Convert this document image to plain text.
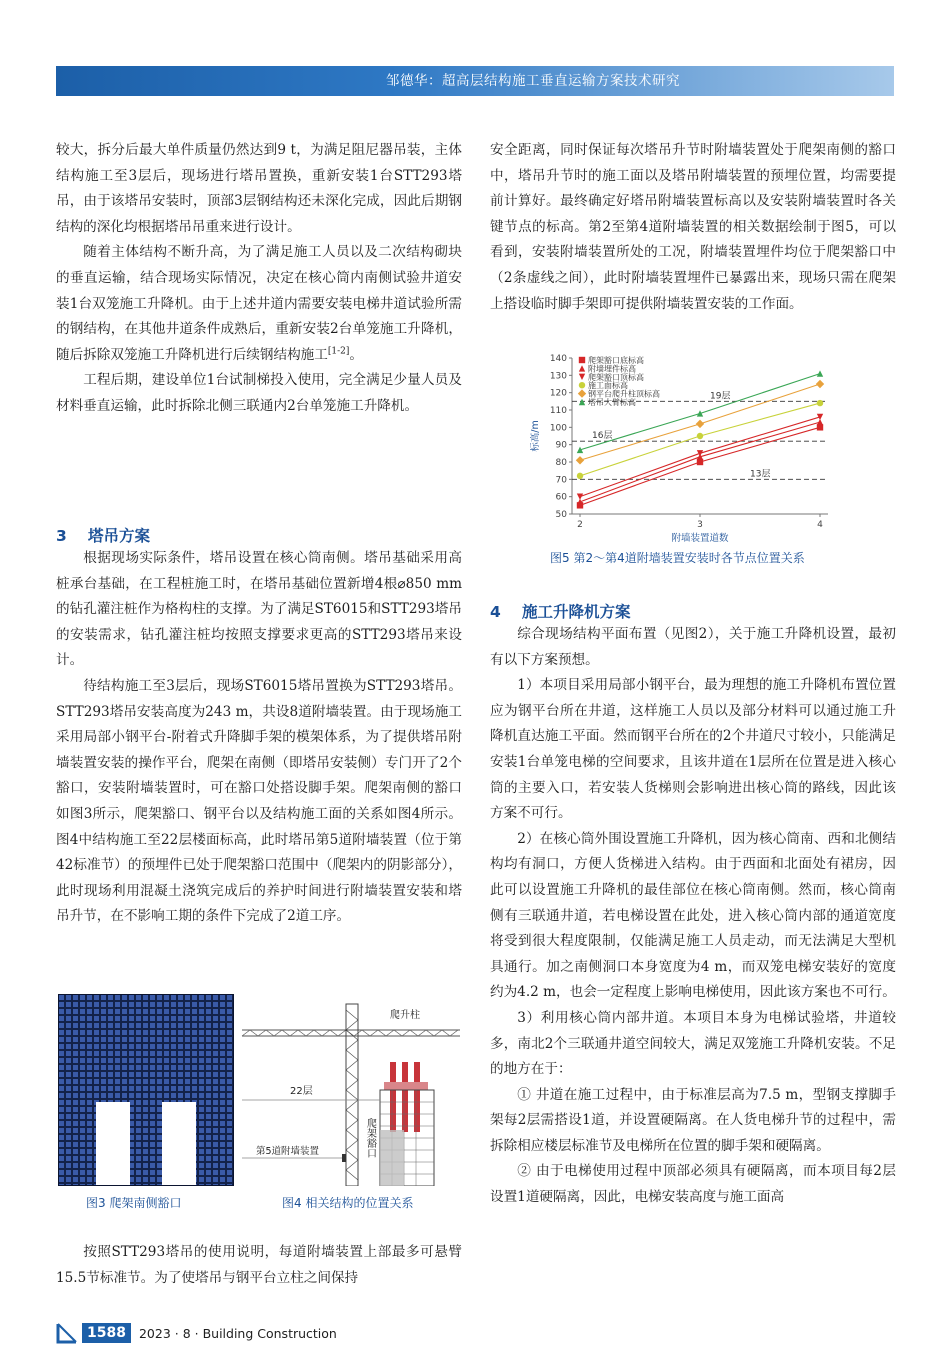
邹德华：超高层结构施工垂直运输方案技术研究

较大，拆分后最大单件质量仍然达到9 t，为满足阻尼器吊装，主体结构施工至3层后，现场进行塔吊置换，重新安装1台STT293塔吊，由于该塔吊安装时，顶部3层钢结构还未深化完成，因此后期钢结构的深化均根据塔吊吊重来进行设计。

随着主体结构不断升高，为了满足施工人员以及二次结构砌块的垂直运输，结合现场实际情况，决定在核心筒内南侧试验井道安装1台双笼施工升降机。由于上述井道内需要安装电梯井道试验所需的钢结构，在其他井道条件成熟后，重新安装2台单笼施工升降机，随后拆除双笼施工升降机进行后续钢结构施工[1-2]。

工程后期，建设单位1台试制梯投入使用，完全满足少量人员及材料垂直运输，此时拆除北侧三联通内2台单笼施工升降机。

3 塔吊方案

根据现场实际条件，塔吊设置在核心筒南侧。塔吊基础采用高桩承台基础，在工程桩施工时，在塔吊基础位置新增4根⌀850 mm的钻孔灌注桩作为格构柱的支撑。为了满足ST6015和STT293塔吊的安装需求，钻孔灌注桩均按照支撑要求更高的STT293塔吊来设计。

待结构施工至3层后，现场ST6015塔吊置换为STT293塔吊。STT293塔吊安装高度为243 m，共设8道附墙装置。由于现场施工采用局部小钢平台-附着式升降脚手架的模架体系，为了提供塔吊附墙装置安装的操作平台，爬架在南侧（即塔吊安装侧）专门开了2个豁口，安装附墙装置时，可在豁口处搭设脚手架。爬架南侧的豁口如图3所示，爬架豁口、钢平台以及结构施工面的关系如图4所示。图4中结构施工至22层楼面标高，此时塔吊第5道附墙装置（位于第42标准节）的预埋件已处于爬架豁口范围中（爬架内的阴影部分），此时现场利用混凝土浇筑完成后的养护时间进行附墙装置安装和塔吊升节，在不影响工期的条件下完成了2道工序。

图3 爬架南侧豁口
爬升柱
22层
第5道附墙装置	爬架豁口
图4 相关结构的位置关系

按照STT293塔吊的使用说明，每道附墙装置上部最多可悬臂15.5节标准节。为了使塔吊与钢平台立柱之间保持

安全距离，同时保证每次塔吊升节时附墙装置处于爬架南侧的豁口中，塔吊升节时的施工面以及塔吊附墙装置的预埋位置，均需要提前计算好。最终确定好塔吊附墙装置标高以及安装附墙装置时各关键节点的标高。第2至第4道附墙装置的相关数据绘制于图5，可以看到，安装附墙装置所处的工况，附墙装置埋件均位于爬架豁口中（2条虚线之间），此时附墙装置埋件已暴露出来，现场只需在爬架上搭设临时脚手架即可提供附墙装置安装的工作面。

50
60
70
80
90
100
110
120
130
140
2	3	4
附墙装置道数
标高/m
19层
16层
13层
爬架豁口底标高
附墙埋件标高
爬架豁口顶标高
施工面标高
钢平台爬升柱顶标高
塔吊大臂标高
图5 第2～第4道附墙装置安装时各节点位置关系
4 施工升降机方案

综合现场结构平面布置（见图2），关于施工升降机设置，最初有以下方案预想。

1）本项目采用局部小钢平台，最为理想的施工升降机布置位置应为钢平台所在井道，这样施工人员以及部分材料可以通过施工升降机直达施工平面。然而钢平台所在的2个井道尺寸较小，只能满足安装1台单笼电梯的空间要求，且该井道在1层所在位置是进入核心筒的主要入口，若安装人货梯则会影响进出核心筒的路线，因此该方案不可行。

2）在核心筒外围设置施工升降机，因为核心筒南、西和北侧结构均有洞口，方便人货梯进入结构。由于西面和北面处有裙房，因此可以设置施工升降机的最佳部位在核心筒南侧。然而，核心筒南侧有三联通井道，若电梯设置在此处，进入核心筒内部的通道宽度将受到很大程度限制，仅能满足施工人员走动，而无法满足大型机具通行。加之南侧洞口本身宽度为4 m，而双笼电梯安装好的宽度约为4.2 m，也会一定程度上影响电梯使用，因此该方案也不可行。

3）利用核心筒内部井道。本项目本身为电梯试验塔，井道较多，南北2个三联通井道空间较大，满足双笼施工升降机安装。不足的地方在于：

① 井道在施工过程中，由于标准层高为7.5 m，型钢支撑脚手架每2层需搭设1道，并设置硬隔离。在人货电梯升节的过程中，需拆除相应楼层标准节及电梯所在位置的脚手架和硬隔离。

② 由于电梯使用过程中顶部必须具有硬隔离，而本项目每2层设置1道硬隔离，因此，电梯安装高度与施工面高

1588	2023 · 8 · Building Construction
